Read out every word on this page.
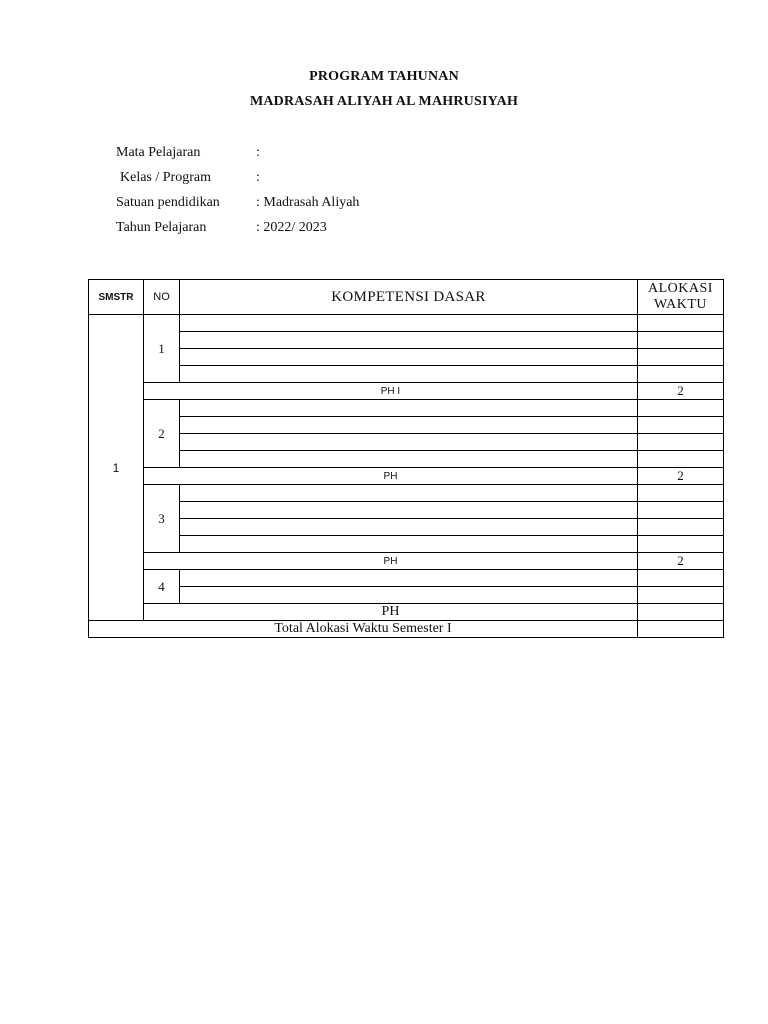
PROGRAM TAHUNAN
MADRASAH ALIYAH AL MAHRUSIYAH
Mata Pelajaran	:
Kelas / Program	:
Satuan pendidikan	: Madrasah Aliyah
Tahun Pelajaran	: 2022/ 2023
SMSTR	NO	KOMPETENSI DASAR	ALOKASI
WAKTU
1	1		

	PH I		2
	2		

	PH		2
	3		

	PH		2
	4		

	PH		
Total Alokasi Waktu Semester I			
